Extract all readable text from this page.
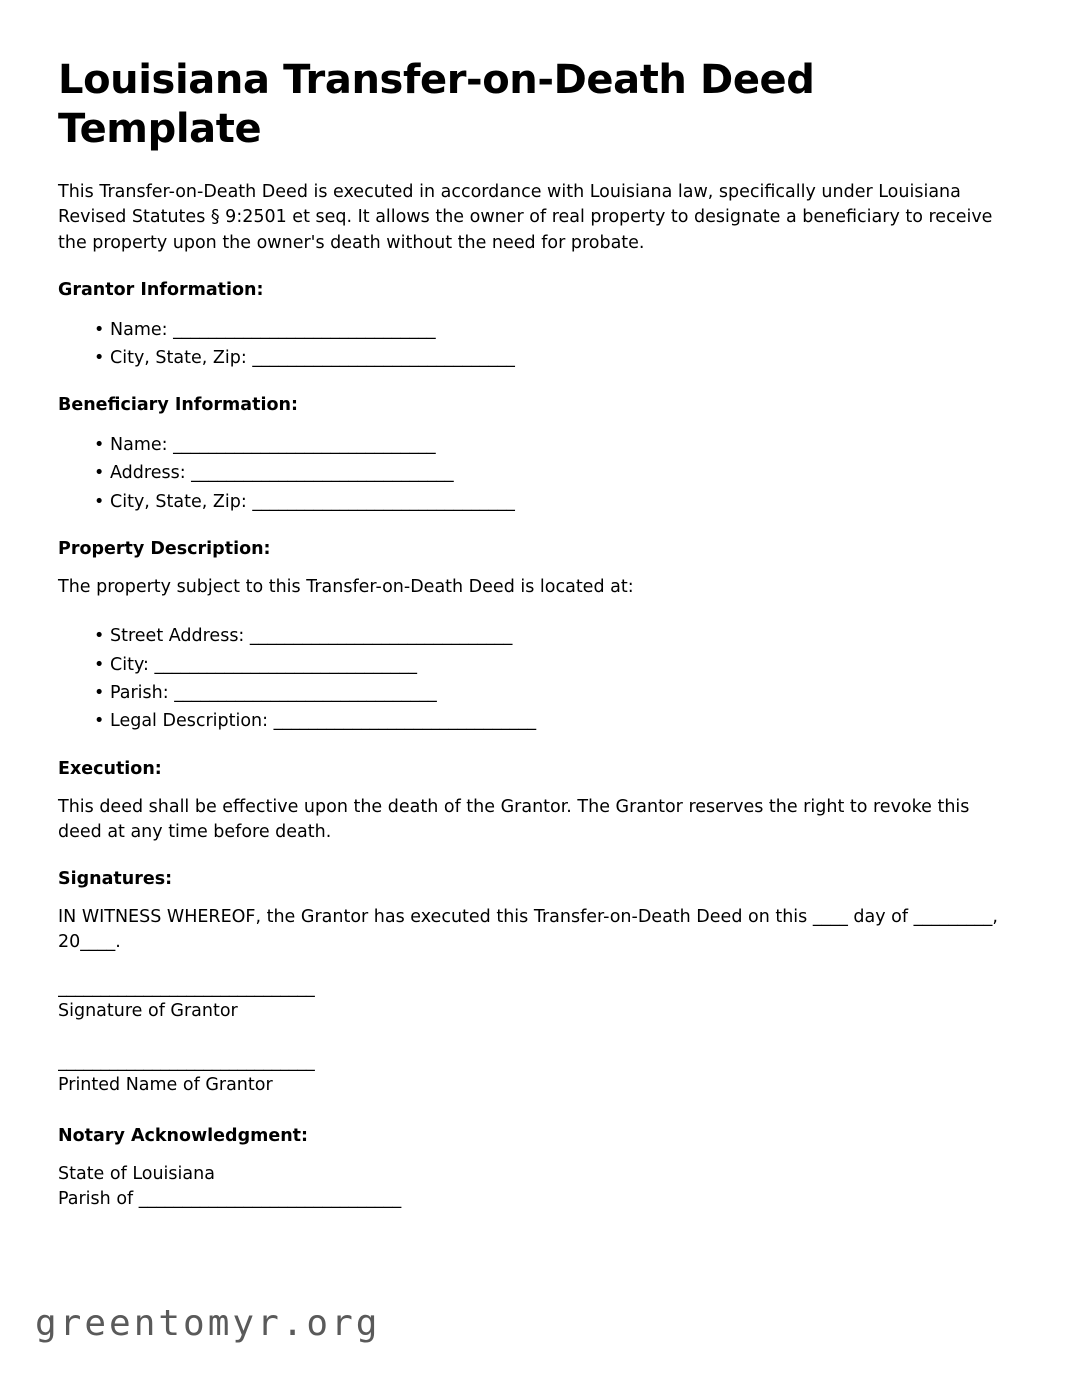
Louisiana Transfer-on-Death Deed Template

This Transfer-on-Death Deed is executed in accordance with Louisiana law, specifically under Louisiana Revised Statutes § 9:2501 et seq. It allows the owner of real property to designate a beneficiary to receive the property upon the owner's death without the need for probate.

Grantor Information:
• Name: ______________________________
• City, State, Zip: ______________________________
Beneficiary Information:
• Name: ______________________________
• Address: ______________________________
• City, State, Zip: ______________________________
Property Description:

The property subject to this Transfer-on-Death Deed is located at:

• Street Address: ______________________________
• City: ______________________________
• Parish: ______________________________
• Legal Description: ______________________________
Execution:

This deed shall be effective upon the death of the Grantor. The Grantor reserves the right to revoke this deed at any time before death.

Signatures:

IN WITNESS WHEREOF, the Grantor has executed this Transfer-on-Death Deed on this ____ day of _________, 20____.

______________________________

Signature of Grantor

______________________________

Printed Name of Grantor

Notary Acknowledgment:

State of Louisiana

Parish of ______________________________

greentomyr.org
